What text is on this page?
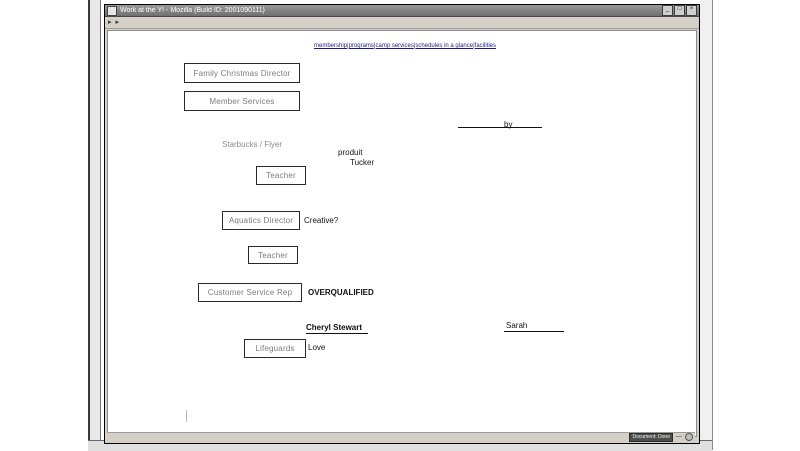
Work at the Y! - Mozilla {Build ID: 2001090111}	_	□	×
▸ ▸
membership|programs|camp services|schedules in a glance|facilities
Family Christmas Director
Member Services
Starbucks / Flyer
Teacher
Aquatics Director
Teacher
Customer Service Rep
Lifeguards
by
produit
Tucker
Creative?
OVERQUALIFIED
Sarah
Cheryl Stewart
Love
Document: Done	—
